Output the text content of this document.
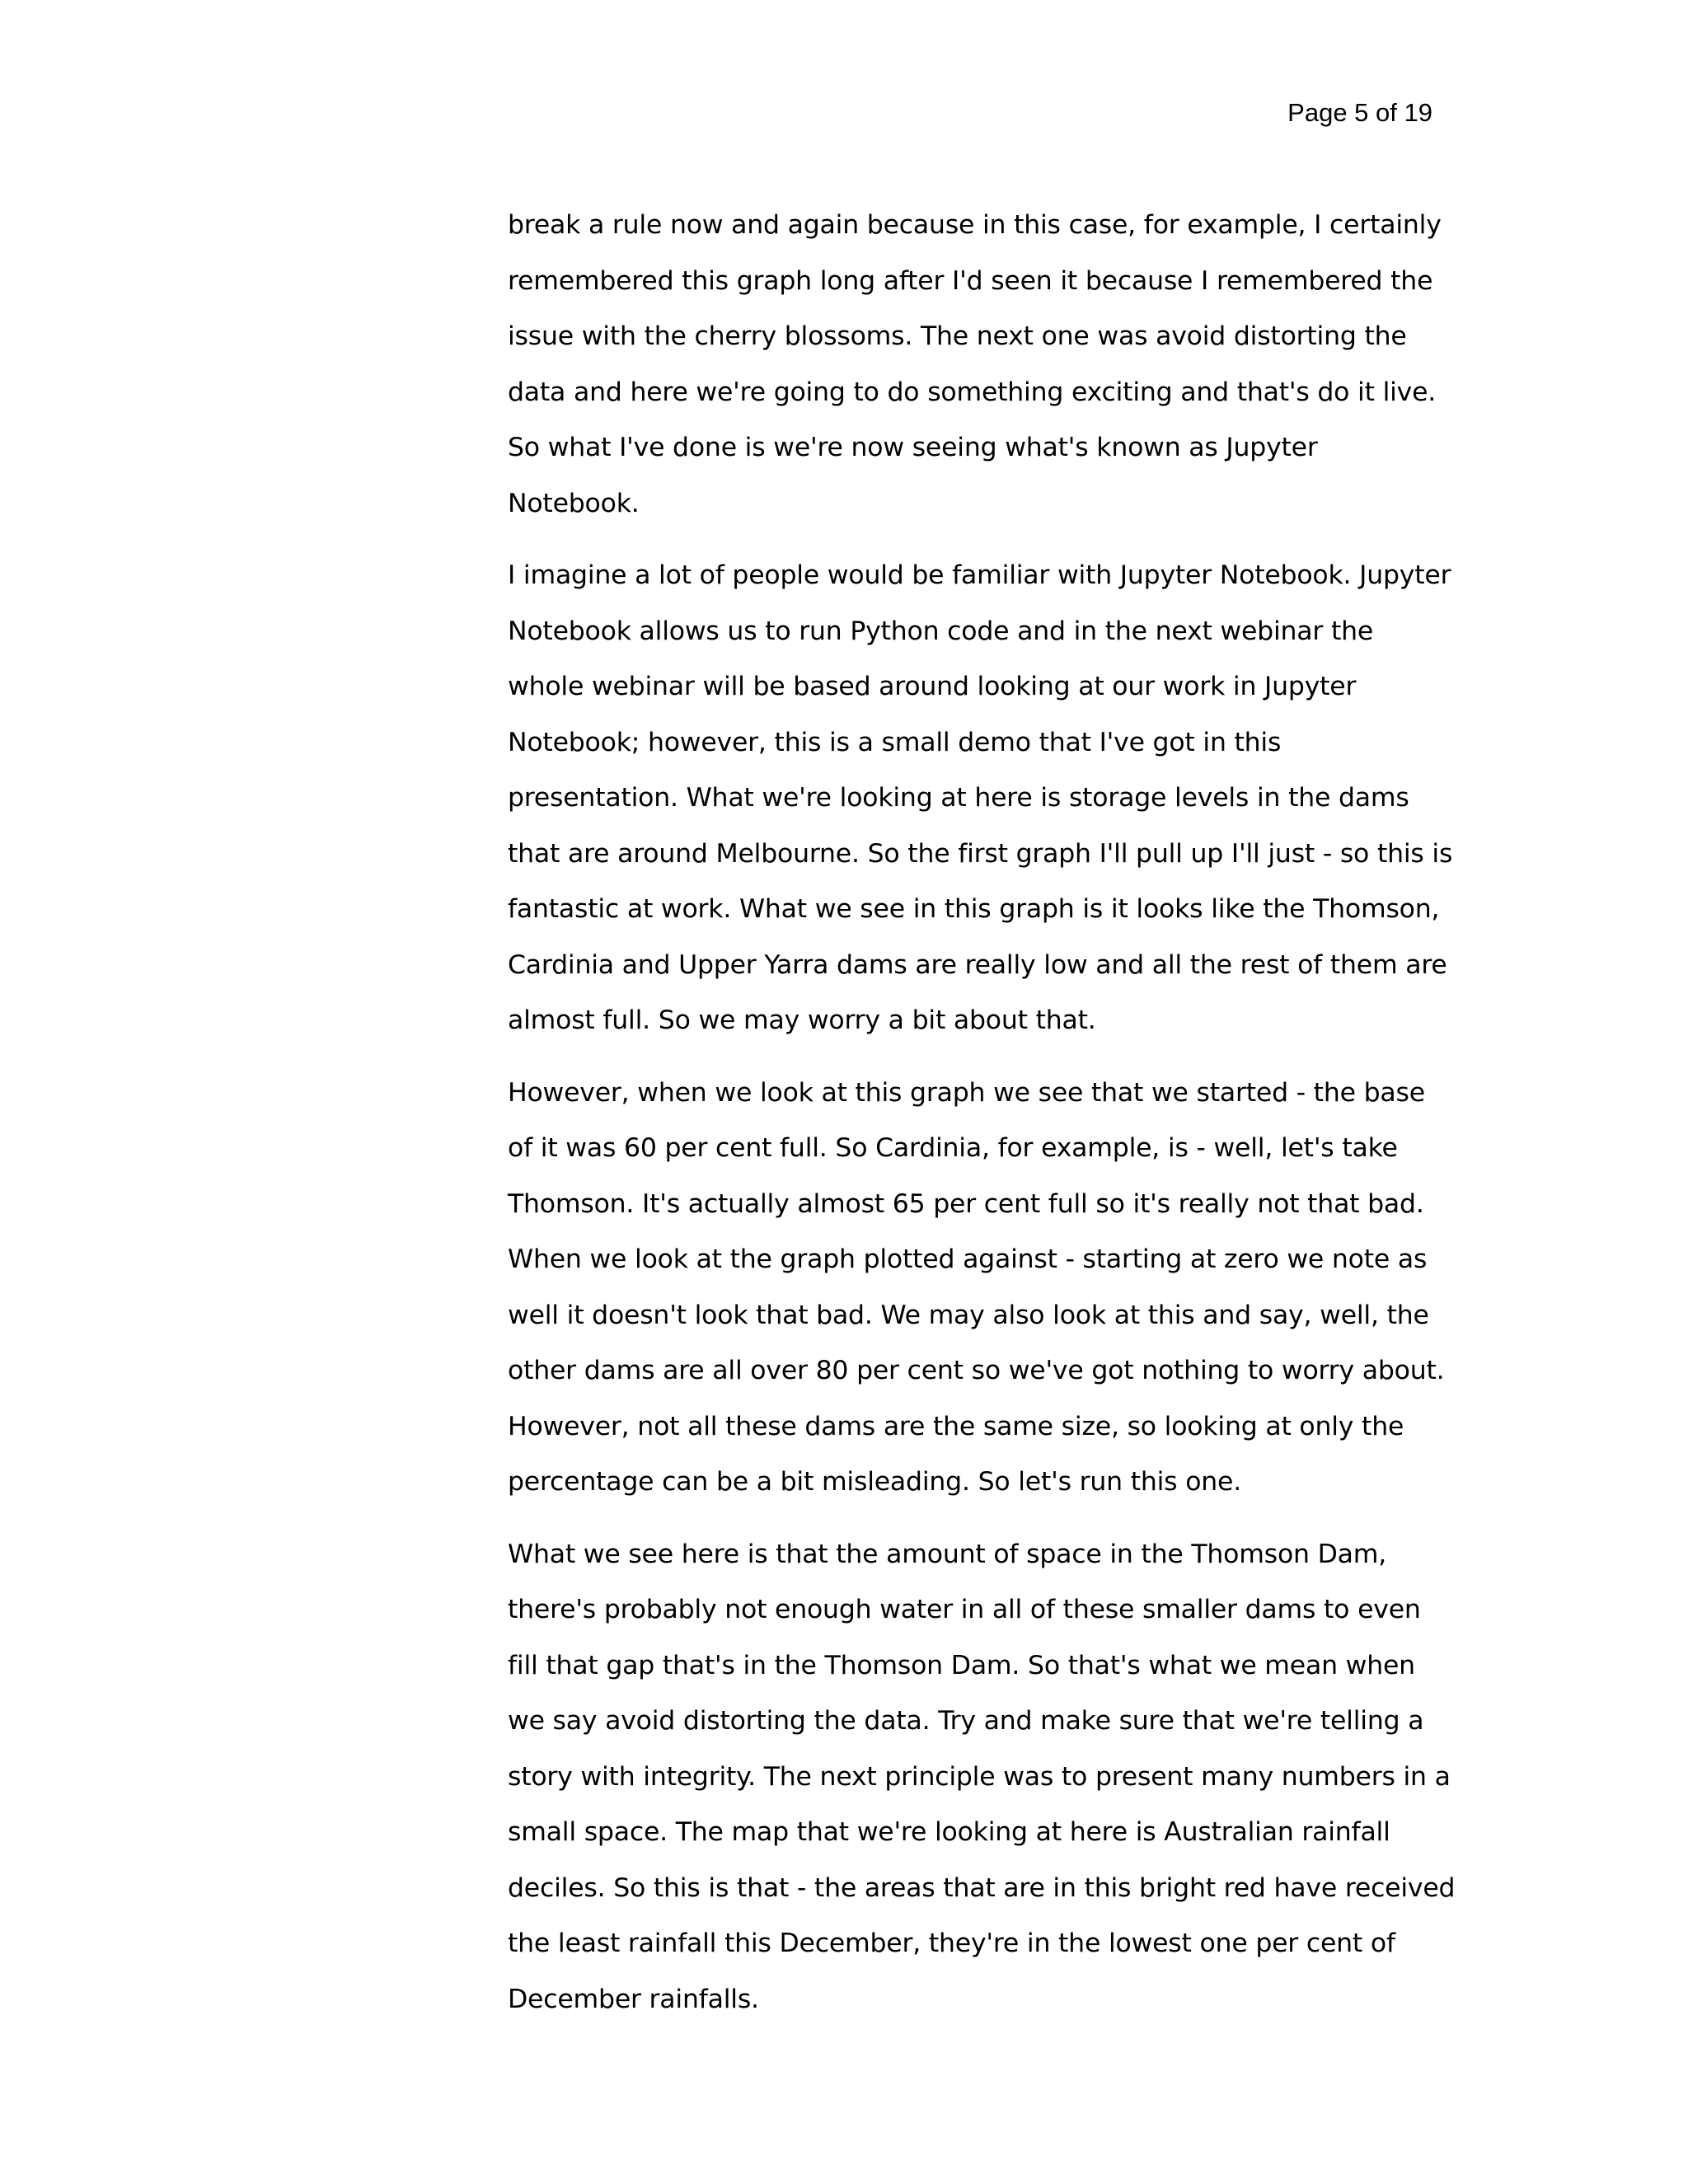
Page 5 of 19

break a rule now and again because in this case, for example, I certainly remembered this graph long after I'd seen it because I remembered the issue with the cherry blossoms. The next one was avoid distorting the data and here we're going to do something exciting and that's do it live. So what I've done is we're now seeing what's known as Jupyter Notebook.

I imagine a lot of people would be familiar with Jupyter Notebook. Jupyter Notebook allows us to run Python code and in the next webinar the whole webinar will be based around looking at our work in Jupyter Notebook; however, this is a small demo that I've got in this presentation. What we're looking at here is storage levels in the dams that are around Melbourne. So the first graph I'll pull up I'll just - so this is fantastic at work. What we see in this graph is it looks like the Thomson, Cardinia and Upper Yarra dams are really low and all the rest of them are almost full. So we may worry a bit about that.

However, when we look at this graph we see that we started - the base of it was 60 per cent full. So Cardinia, for example, is - well, let's take Thomson. It's actually almost 65 per cent full so it's really not that bad. When we look at the graph plotted against - starting at zero we note as well it doesn't look that bad. We may also look at this and say, well, the other dams are all over 80 per cent so we've got nothing to worry about. However, not all these dams are the same size, so looking at only the percentage can be a bit misleading. So let's run this one.

What we see here is that the amount of space in the Thomson Dam, there's probably not enough water in all of these smaller dams to even fill that gap that's in the Thomson Dam. So that's what we mean when we say avoid distorting the data. Try and make sure that we're telling a story with integrity. The next principle was to present many numbers in a small space. The map that we're looking at here is Australian rainfall deciles. So this is that - the areas that are in this bright red have received the least rainfall this December, they're in the lowest one per cent of December rainfalls.
